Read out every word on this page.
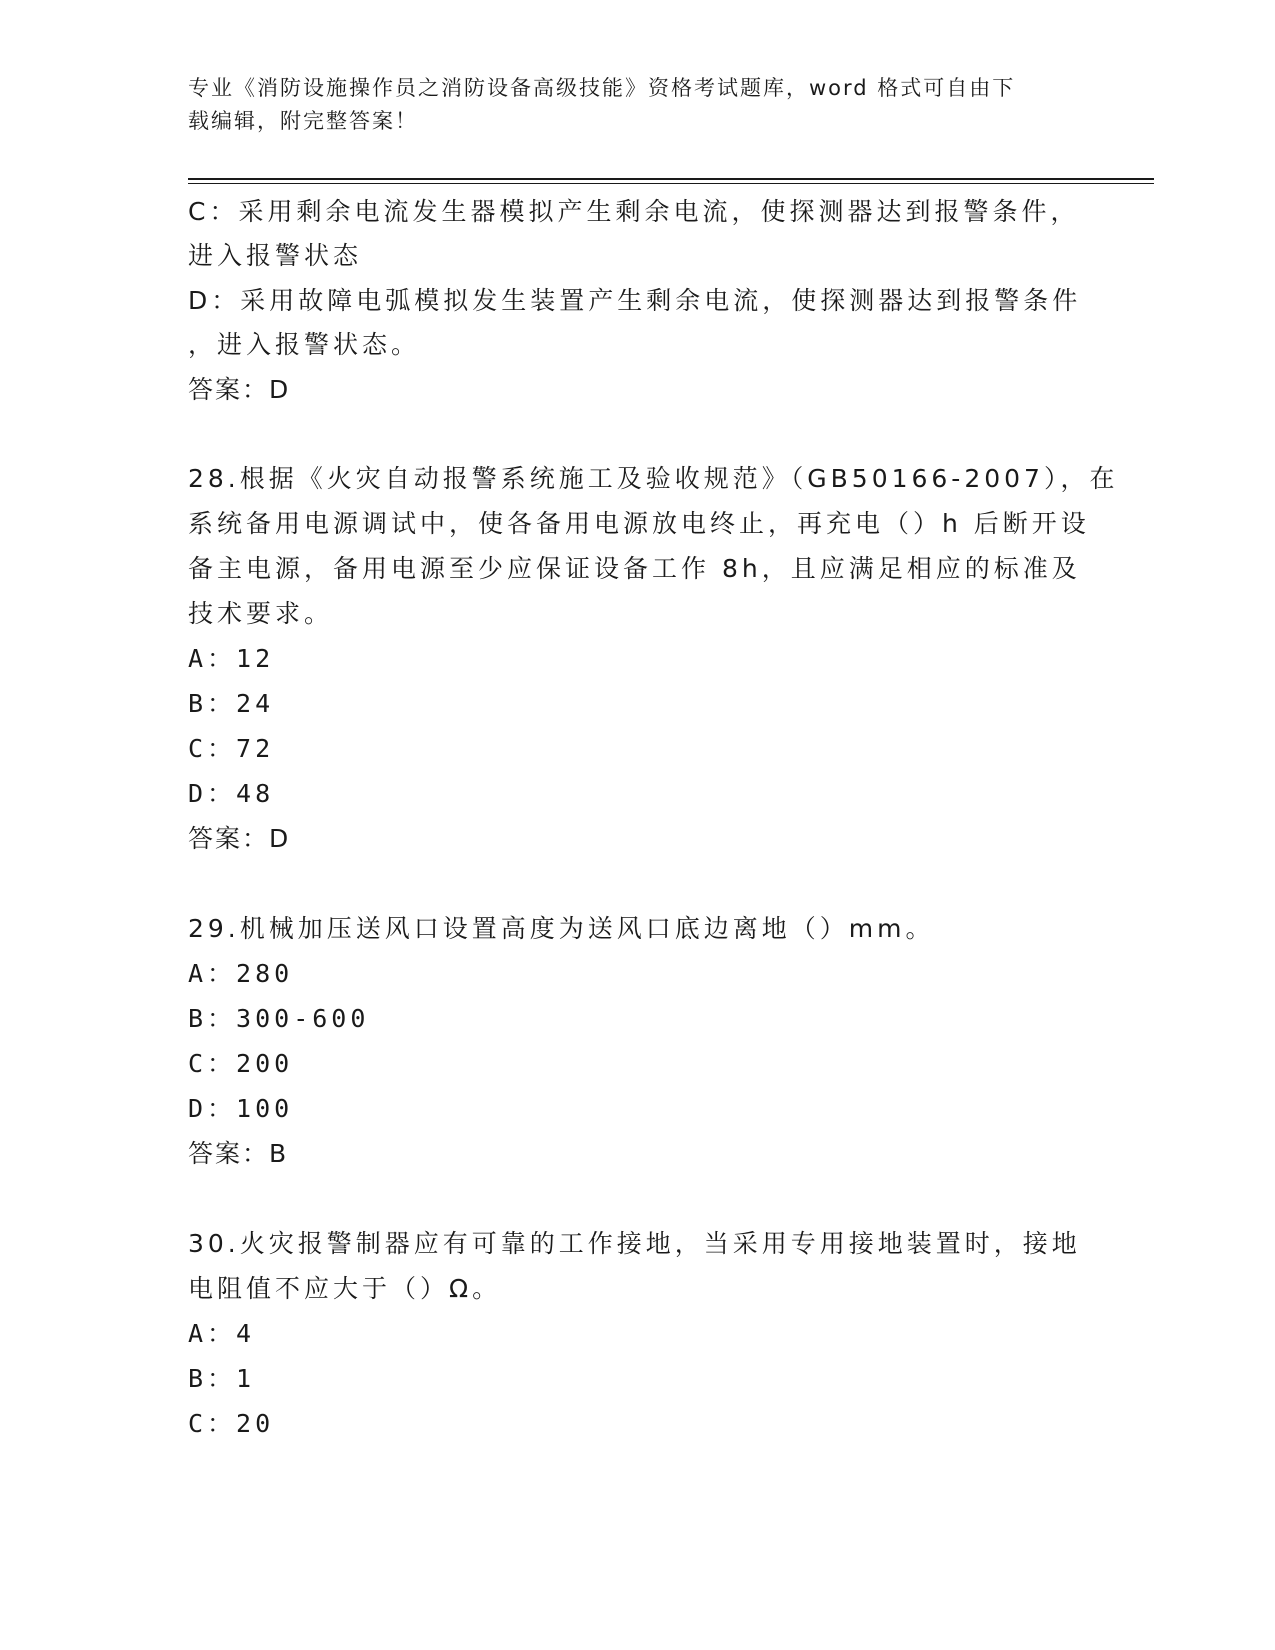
专业《消防设施操作员之消防设备高级技能》资格考试题库，word 格式可自由下
载编辑，附完整答案！
C：采用剩余电流发生器模拟产生剩余电流，使探测器达到报警条件，
进入报警状态
D：采用故障电弧模拟发生装置产生剩余电流，使探测器达到报警条件
，进入报警状态。
答案：D
28.根据《火灾自动报警系统施工及验收规范》（GB50166-2007），在
系统备用电源调试中，使各备用电源放电终止，再充电（）h 后断开设
备主电源，备用电源至少应保证设备工作 8h，且应满足相应的标准及
技术要求。
A：12
B：24
C：72
D：48
答案：D
29.机械加压送风口设置高度为送风口底边离地（）mm。
A：280
B：300-600
C：200
D：100
答案：B
30.火灾报警制器应有可靠的工作接地，当采用专用接地装置时，接地
电阻值不应大于（）Ω。
A：4
B：1
C：20
